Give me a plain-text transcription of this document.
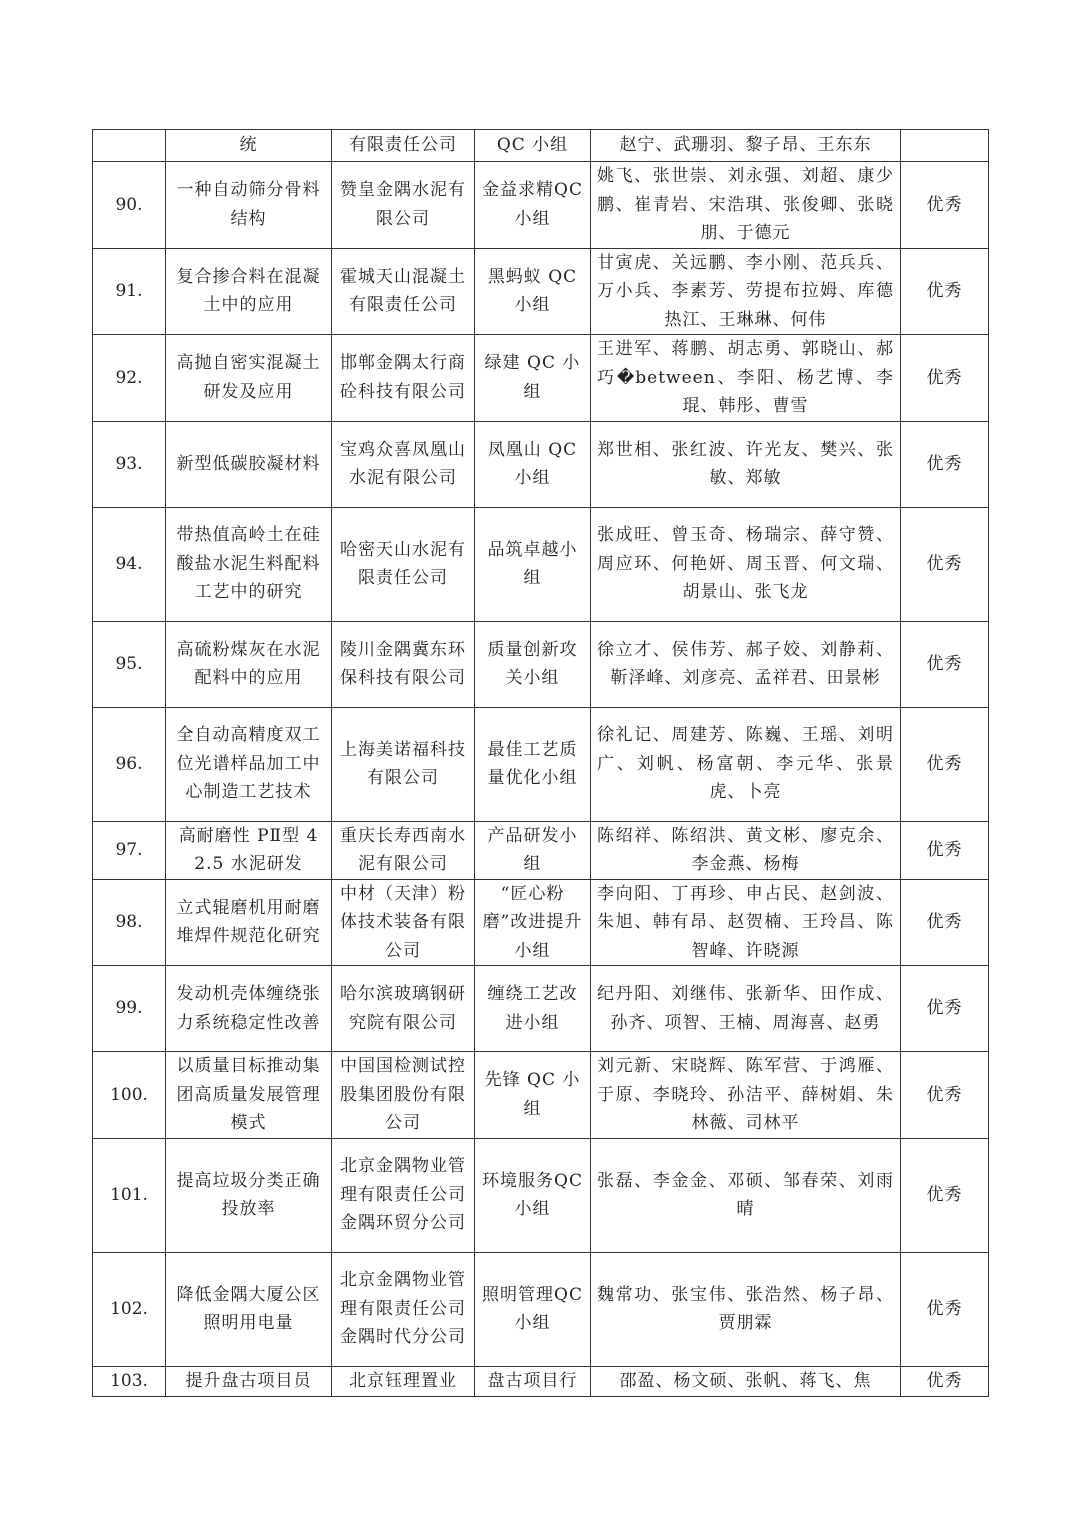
	统	有限责任公司	QC 小组	赵宁、武珊羽、黎子昂、王东东	
90.	一种自动筛分骨料结构	赞皇金隅水泥有限公司	金益求精QC 小组	姚飞、张世崇、刘永强、刘超、康少鹏、崔青岩、宋浩琪、张俊卿、张晓朋、于德元	优秀
91.	复合掺合料在混凝土中的应用	霍城天山混凝土有限责任公司	黑蚂蚁 QC 小组	甘寅虎、关远鹏、李小刚、范兵兵、万小兵、李素芳、劳提布拉姆、库德热江、王琳琳、何伟	优秀
92.	高抛自密实混凝土研发及应用	邯郸金隅太行商砼科技有限公司	绿建 QC 小组	王进军、蒋鹏、胡志勇、郭晓山、郝巧�between、李阳、杨艺博、李琨、韩彤、曹雪	优秀
93.	新型低碳胶凝材料	宝鸡众喜凤凰山水泥有限公司	凤凰山 QC 小组	郑世相、张红波、许光友、樊兴、张敏、郑敏	优秀
94.	带热值高岭土在硅酸盐水泥生料配料工艺中的研究	哈密天山水泥有限责任公司	品筑卓越小组	张成旺、曾玉奇、杨瑞宗、薛守赞、周应环、何艳妍、周玉晋、何文瑞、胡景山、张飞龙	优秀
95.	高硫粉煤灰在水泥配料中的应用	陵川金隅冀东环保科技有限公司	质量创新攻关小组	徐立才、侯伟芳、郝子姣、刘静莉、靳泽峰、刘彦亮、孟祥君、田景彬	优秀
96.	全自动高精度双工位光谱样品加工中心制造工艺技术	上海美诺福科技有限公司	最佳工艺质量优化小组	徐礼记、周建芳、陈巍、王瑶、刘明广、刘帆、杨富朝、李元华、张景虎、卜亮	优秀
97.	高耐磨性 PⅡ型 42.5 水泥研发	重庆长寿西南水泥有限公司	产品研发小组	陈绍祥、陈绍洪、黄文彬、廖克余、李金燕、杨梅	优秀
98.	立式辊磨机用耐磨堆焊件规范化研究	中材（天津）粉体技术装备有限公司	“匠心粉磨”改进提升小组	李向阳、丁再珍、申占民、赵剑波、朱旭、韩有昂、赵贺楠、王玲昌、陈智峰、许晓源	优秀
99.	发动机壳体缠绕张力系统稳定性改善	哈尔滨玻璃钢研究院有限公司	缠绕工艺改进小组	纪丹阳、刘继伟、张新华、田作成、孙齐、项智、王楠、周海喜、赵勇	优秀
100.	以质量目标推动集团高质量发展管理模式	中国国检测试控股集团股份有限公司	先锋 QC 小组	刘元新、宋晓辉、陈军营、于鸿雁、于原、李晓玲、孙洁平、薛树娟、朱林薇、司林平	优秀
101.	提高垃圾分类正确投放率	北京金隅物业管理有限责任公司金隅环贸分公司	环境服务QC 小组	张磊、李金金、邓硕、邹春荣、刘雨晴	优秀
102.	降低金隅大厦公区照明用电量	北京金隅物业管理有限责任公司金隅时代分公司	照明管理QC 小组	魏常功、张宝伟、张浩然、杨子昂、贾朋霖	优秀
103.	提升盘古项目员	北京钰理置业	盘古项目行	邵盈、杨文硕、张帆、蒋飞、焦	优秀
